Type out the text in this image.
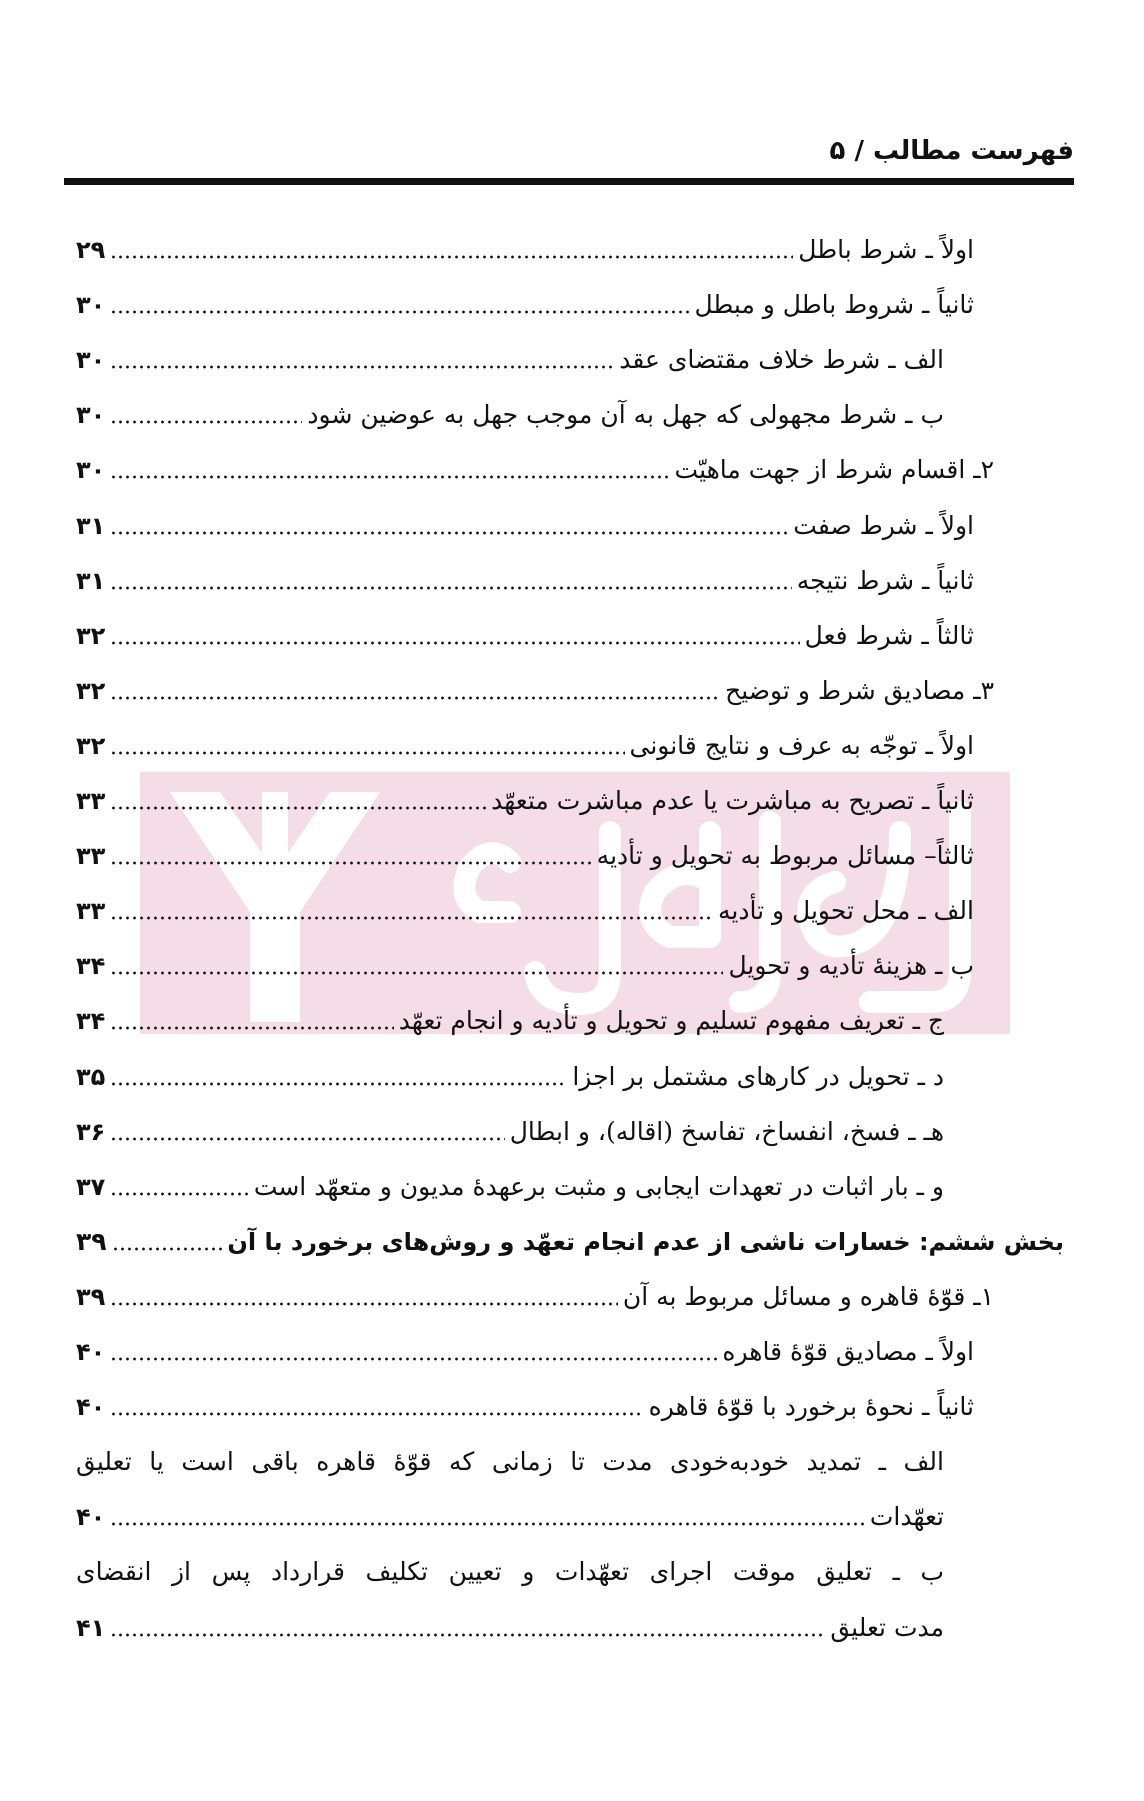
فهرست مطالب / ۵
اولاً ـ شرط باطل
۲۹
ثانیاً ـ شروط باطل و مبطل
۳۰
الف ـ شرط خلاف مقتضای عقد
۳۰
ب ـ شرط مجهولی که جهل به آن موجب جهل به عوضین شود
۳۰
۲ـ اقسام شرط از جهت ماهیّت
۳۰
اولاً ـ شرط صفت
۳۱
ثانیاً ـ شرط نتیجه
۳۱
ثالثاً ـ شرط فعل
۳۲
۳ـ مصادیق شرط و توضیح
۳۲
اولاً ـ توجّه به عرف و نتایج قانونی
۳۲
ثانیاً ـ تصریح به مباشرت یا عدم مباشرت متعهّد
۳۳
ثالثاً– مسائل مربوط به تحویل و تأدیه
۳۳
الف ـ محل تحویل و تأدیه
۳۳
ب ـ هزینۀ تأدیه و تحویل
۳۴
ج ـ تعریف مفهوم تسلیم و تحویل و تأدیه و انجام تعهّد
۳۴
د ـ تحویل در کارهای مشتمل بر اجزا
۳۵
هـ ـ فسخ، انفساخ، تفاسخ (اقاله)، و ابطال
۳۶
و ـ بار اثبات در تعهدات ایجابی و مثبت برعهدۀ مدیون و متعهّد است
۳۷
بخش ششم: خسارات ناشی از عدم انجام تعهّد و روش‌های برخورد با آن
۳۹
۱ـ قوّۀ قاهره و مسائل مربوط به آن
۳۹
اولاً ـ مصادیق قوّۀ قاهره
۴۰
ثانیاً ـ نحوۀ برخورد با قوّۀ قاهره
۴۰
الف ـ تمدید خودبه‌خودی مدت تا زمانی که قوّۀ قاهره باقی است یا تعلیق
تعهّدات
۴۰
ب ـ تعلیق موقت اجرای تعهّدات و تعیین تکلیف قرارداد پس از انقضای
مدت تعلیق
۴۱
